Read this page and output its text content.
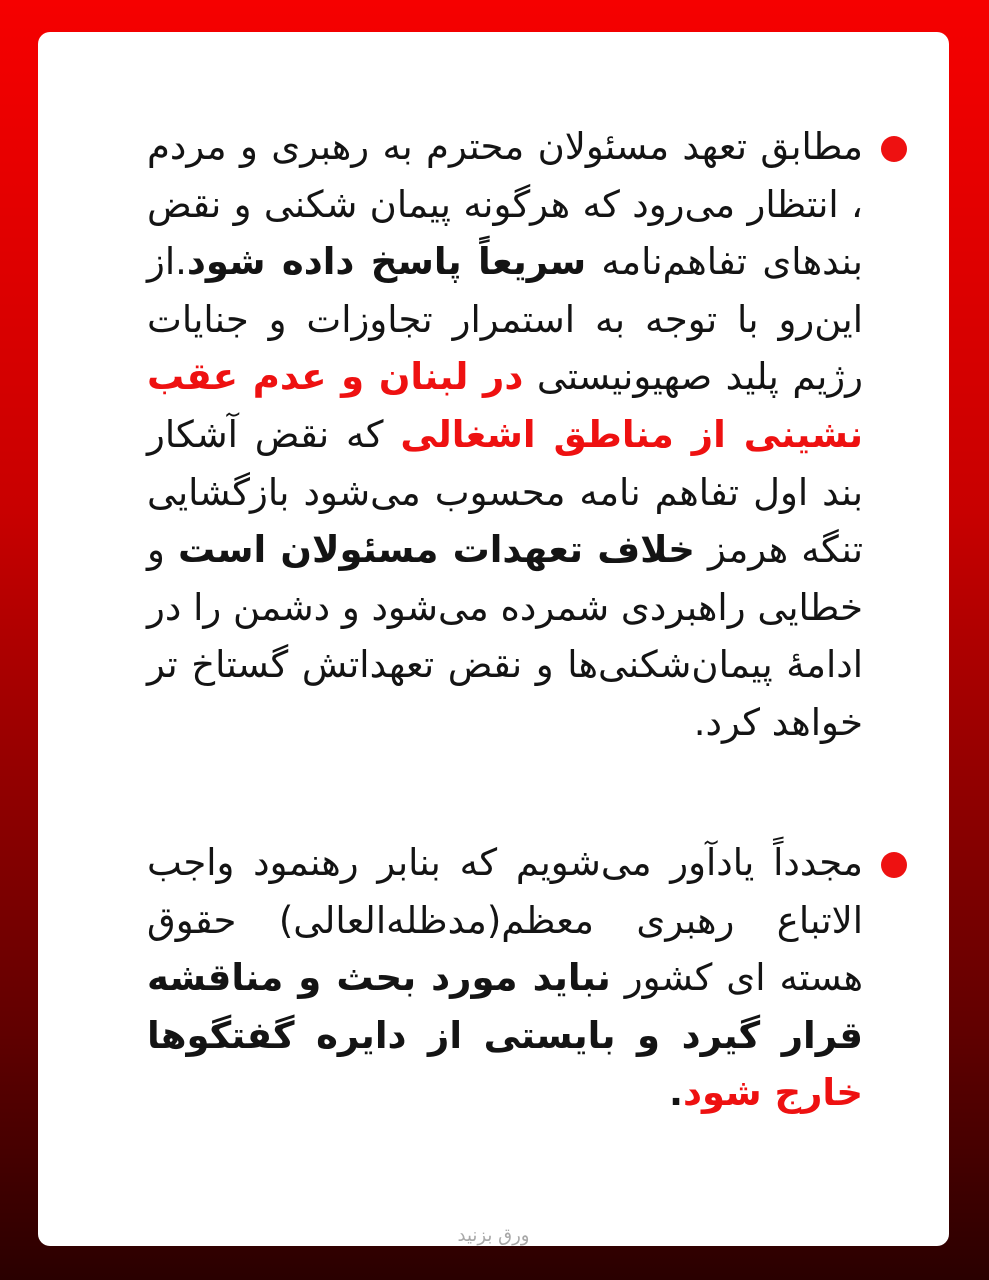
مطابق تعهد مسئولان محترم به رهبری و مردم ، انتظار می‌رود که هرگونه پیمان شکنی و نقض بندهای تفاهم‌نامه سریعاً پاسخ داده شود.از این‌رو با توجه به استمرار تجاوزات و جنایات رژیم پلید صهیونیستی در لبنان و عدم عقب نشینی از مناطق اشغالی که نقض آشکار بند اول تفاهم نامه محسوب می‌شود بازگشایی تنگه هرمز خلاف تعهدات مسئولان است و خطایی راهبردی شمرده می‌شود و دشمن را در ادامهٔ پیمان‌شکنی‌ها و نقض تعهداتش گستاخ تر خواهد کرد.

مجدداً یادآور می‌شویم که بنابر رهنمود واجب الاتباع رهبری معظم(مدظله‌العالی) حقوق هسته ای کشور نباید مورد بحث و مناقشه قرار گیرد و بایستی از دایره گفتگوها خارج شود.

ورق بزنید
